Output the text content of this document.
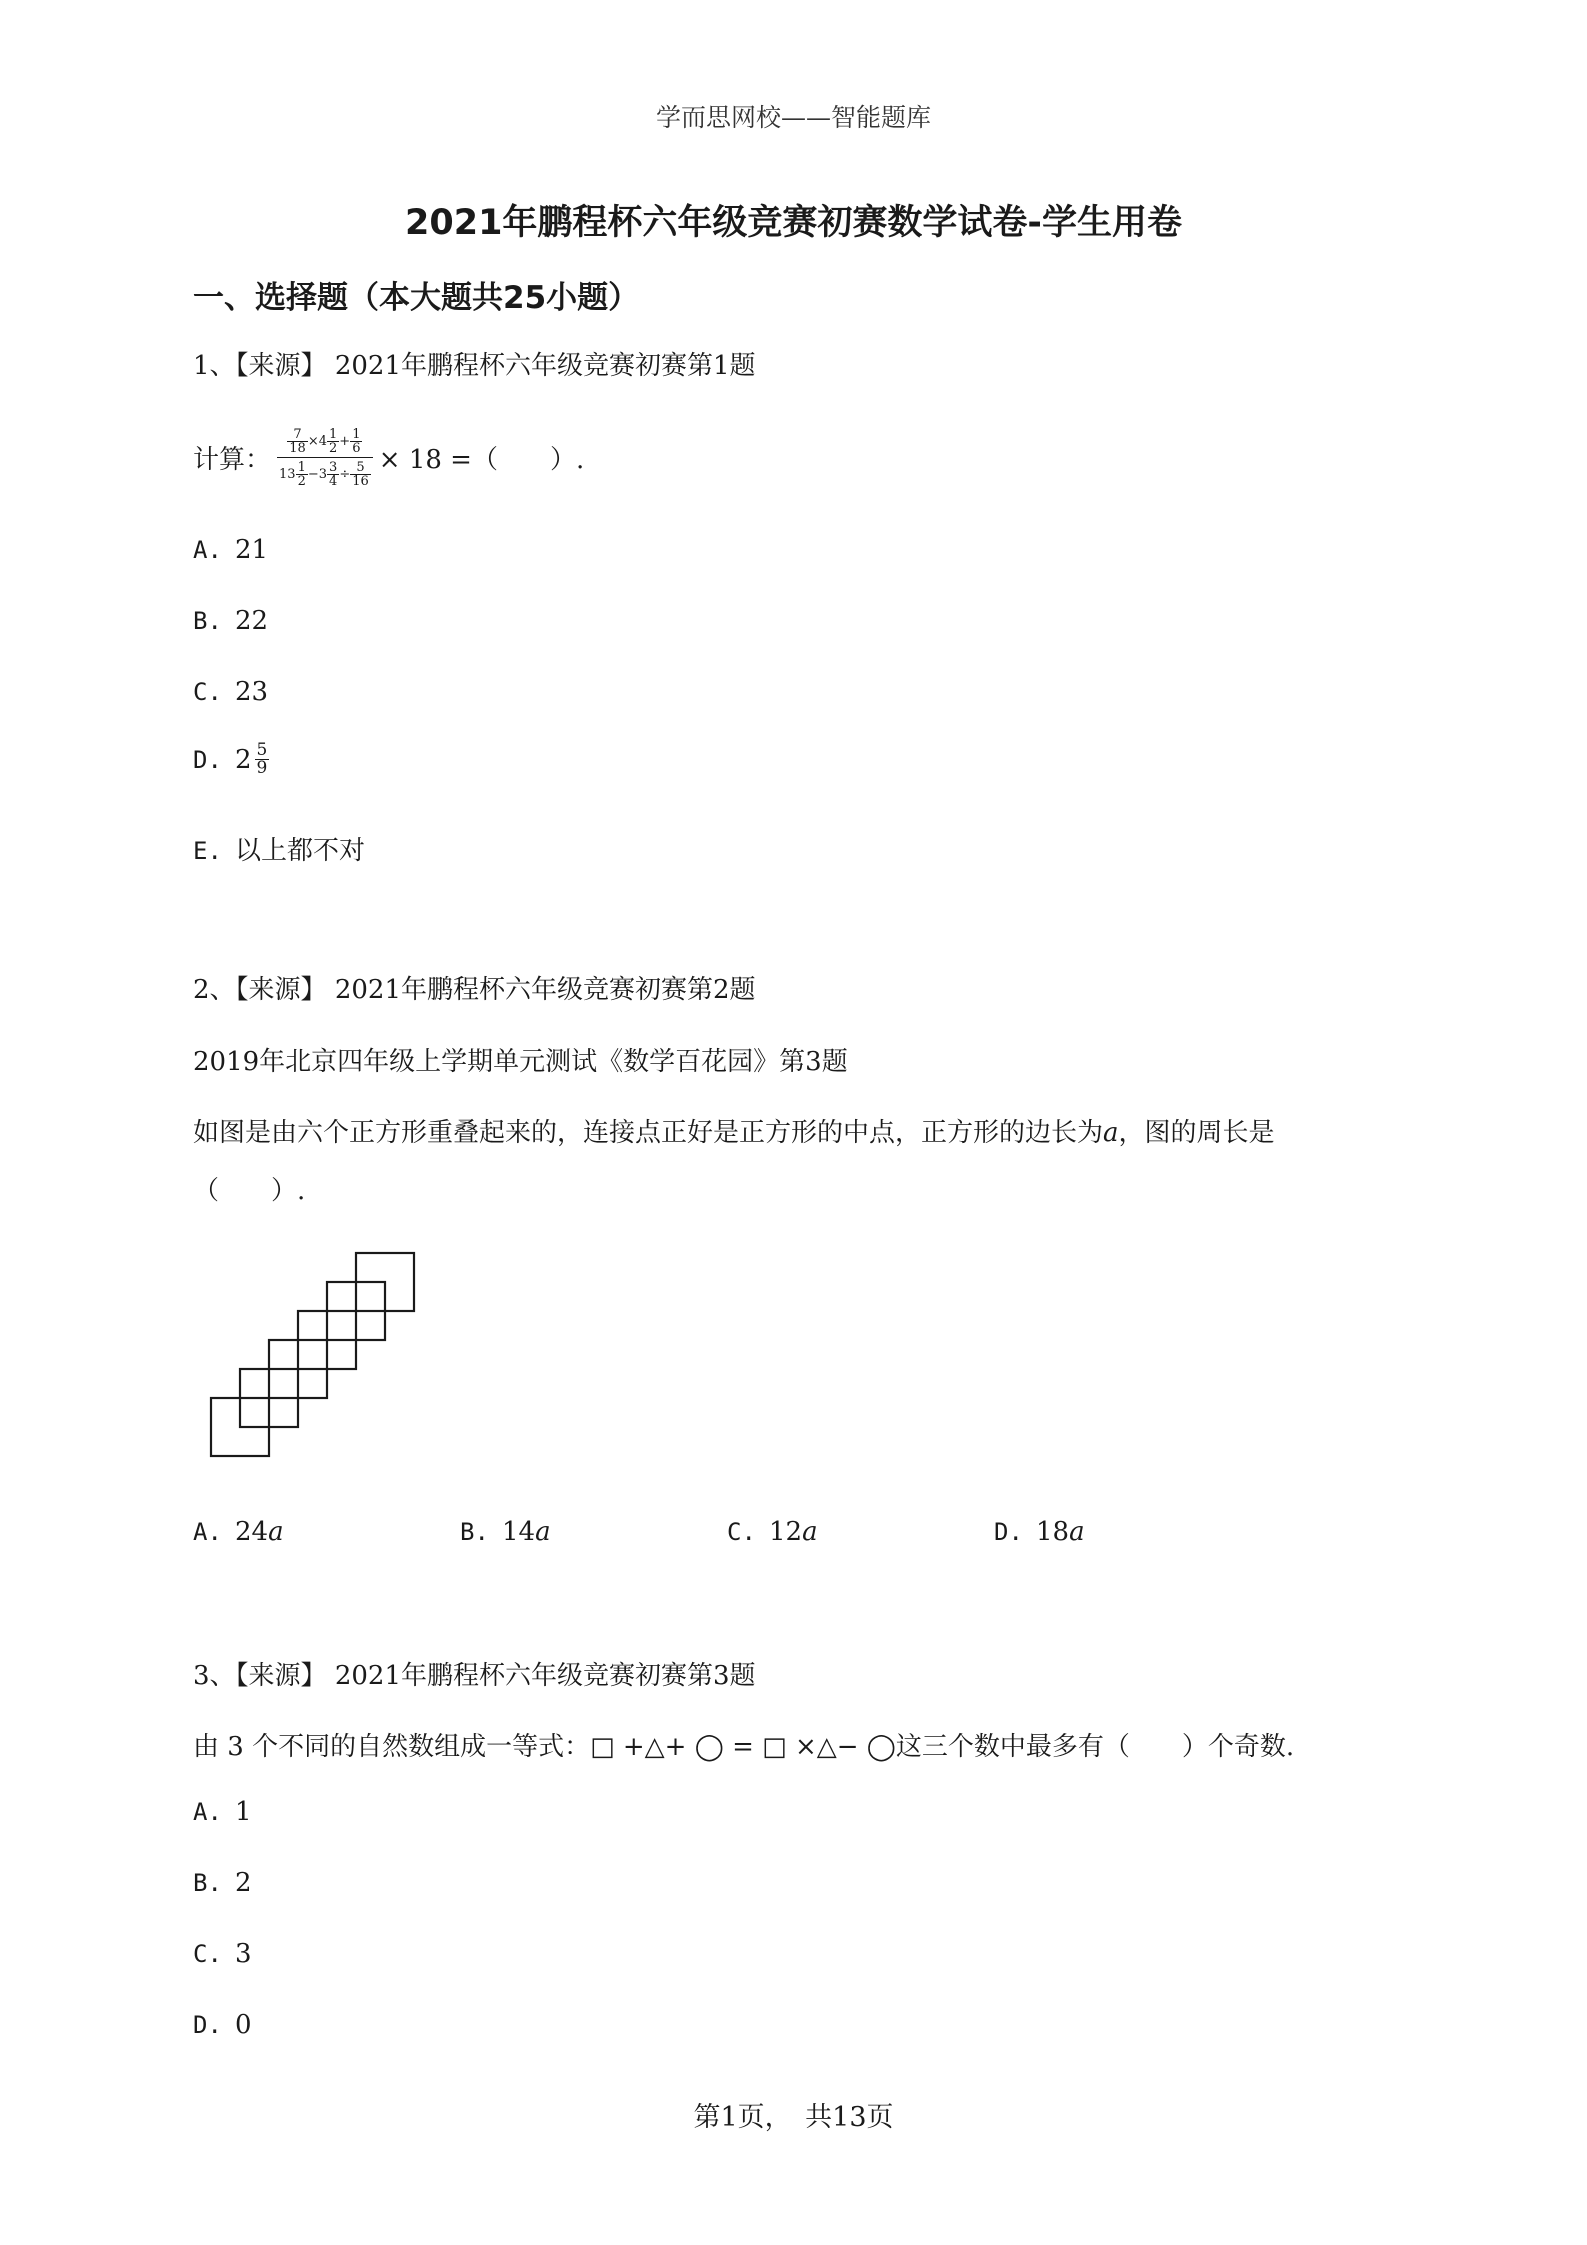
学而思网校——智能题库
2021年鹏程杯六年级竞赛初赛数学试卷-学生用卷
一、选择题（本大题共25小题）
1、【来源】 2021年鹏程杯六年级竞赛初赛第1题
计算： $\frac{\frac{7}{18} \times 4 \frac{1}{2} + \frac{1}{6}}{13 \frac{1}{2} -3 \frac{3}{4} \div \frac{5}{16}} \times 18$ =（　　）.
A. 21
B. 22
C. 23
D. $2 \frac{5}{9}$
E. 以上都不对
2、【来源】 2021年鹏程杯六年级竞赛初赛第2题
2019年北京四年级上学期单元测试《数学百花园》第3题
如图是由六个正方形重叠起来的，连接点正好是正方形的中点，正方形的边长为a，图的周长是
（　　）.
A. 24a	B. 14a	C. 12a	D. 18a
3、【来源】 2021年鹏程杯六年级竞赛初赛第3题
由 3 个不同的自然数组成一等式：□ +△+ ◯ = □ ×△− ◯这三个数中最多有（　　）个奇数.
A. 1
B. 2
C. 3
D. 0
第1页，　共13页
